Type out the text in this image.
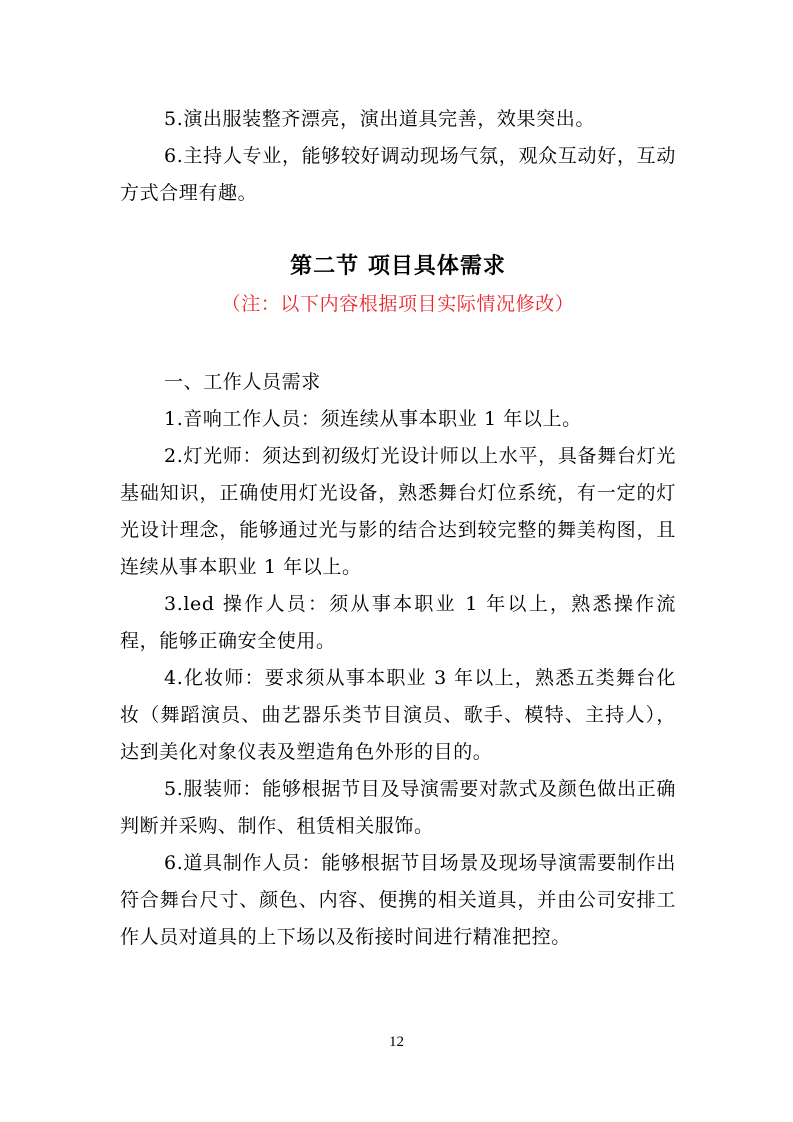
5.演出服装整齐漂亮，演出道具完善，效果突出。

6.主持人专业，能够较好调动现场气氛，观众互动好，互动方式合理有趣。

第二节 项目具体需求

（注：以下内容根据项目实际情况修改）

一、工作人员需求

1.音响工作人员：须连续从事本职业 1 年以上。

2.灯光师：须达到初级灯光设计师以上水平，具备舞台灯光基础知识，正确使用灯光设备，熟悉舞台灯位系统，有一定的灯光设计理念，能够通过光与影的结合达到较完整的舞美构图，且连续从事本职业 1 年以上。

3.led 操作人员：须从事本职业 1 年以上，熟悉操作流程，能够正确安全使用。

4.化妆师：要求须从事本职业 3 年以上，熟悉五类舞台化妆（舞蹈演员、曲艺器乐类节目演员、歌手、模特、主持人），达到美化对象仪表及塑造角色外形的目的。

5.服装师：能够根据节目及导演需要对款式及颜色做出正确判断并采购、制作、租赁相关服饰。

6.道具制作人员：能够根据节目场景及现场导演需要制作出符合舞台尺寸、颜色、内容、便携的相关道具，并由公司安排工作人员对道具的上下场以及衔接时间进行精准把控。

12
